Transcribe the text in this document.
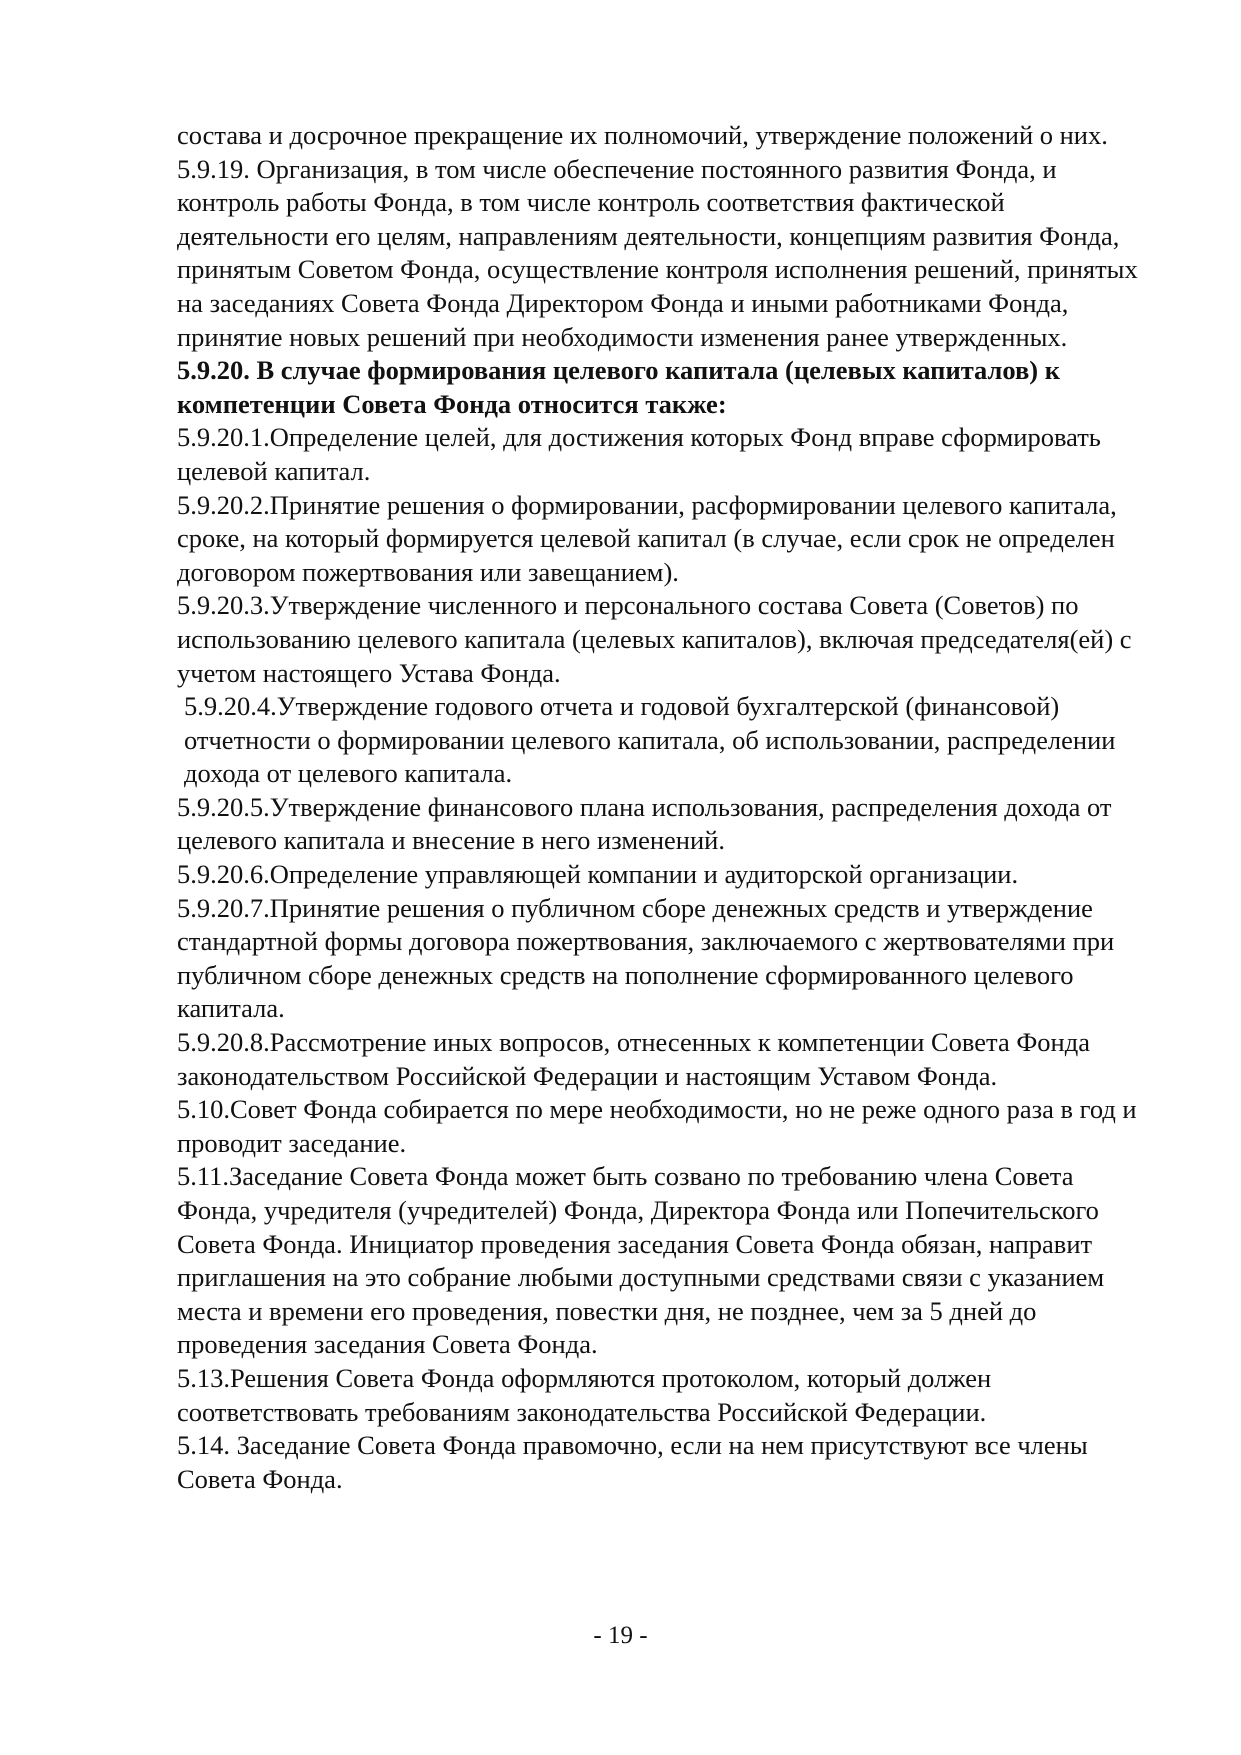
состава и досрочное прекращение их полномочий, утверждение положений о них.

5.9.19. Организация, в том числе обеспечение постоянного развития Фонда, и контроль работы Фонда, в том числе контроль соответствия фактической деятельности его целям, направлениям деятельности, концепциям развития Фонда, принятым Советом Фонда, осуществление контроля исполнения решений, принятых на заседаниях Совета Фонда Директором Фонда и иными работниками Фонда, принятие новых решений при необходимости изменения ранее утвержденных.

5.9.20. В случае формирования целевого капитала (целевых капиталов) к компетенции Совета Фонда относится также:

5.9.20.1.Определение целей, для достижения которых Фонд вправе сформировать целевой капитал.

5.9.20.2.Принятие решения о формировании, расформировании целевого капитала, сроке, на который формируется целевой капитал (в случае, если срок не определен договором пожертвования или завещанием).

5.9.20.3.Утверждение численного и персонального состава Совета (Советов) по использованию целевого капитала (целевых капиталов), включая председателя(ей) с учетом настоящего Устава Фонда.

5.9.20.4.Утверждение годового отчета и годовой бухгалтерской (финансовой) отчетности о формировании целевого капитала, об использовании, распределении дохода от целевого капитала.

5.9.20.5.Утверждение финансового плана использования, распределения дохода от целевого капитала и внесение в него изменений.

5.9.20.6.Определение управляющей компании и аудиторской организации.

5.9.20.7.Принятие решения о публичном сборе денежных средств и утверждение стандартной формы договора пожертвования, заключаемого с жертвователями при публичном сборе денежных средств на пополнение сформированного целевого капитала.

5.9.20.8.Рассмотрение иных вопросов, отнесенных к компетенции Совета Фонда законодательством Российской Федерации и настоящим Уставом Фонда.

5.10.Совет Фонда собирается по мере необходимости, но не реже одного раза в год и проводит заседание.

5.11.Заседание Совета Фонда может быть созвано по требованию члена Совета Фонда, учредителя (учредителей) Фонда, Директора Фонда или Попечительского Совета Фонда. Инициатор проведения заседания Совета Фонда обязан, направит приглашения на это собрание любыми доступными средствами связи с указанием места и времени его проведения, повестки дня, не позднее, чем за 5 дней до проведения заседания Совета Фонда.

5.13.Решения Совета Фонда оформляются протоколом, который должен соответствовать требованиям законодательства Российской Федерации.

5.14. Заседание Совета Фонда правомочно, если на нем присутствуют все члены Совета Фонда.

- 19 -
